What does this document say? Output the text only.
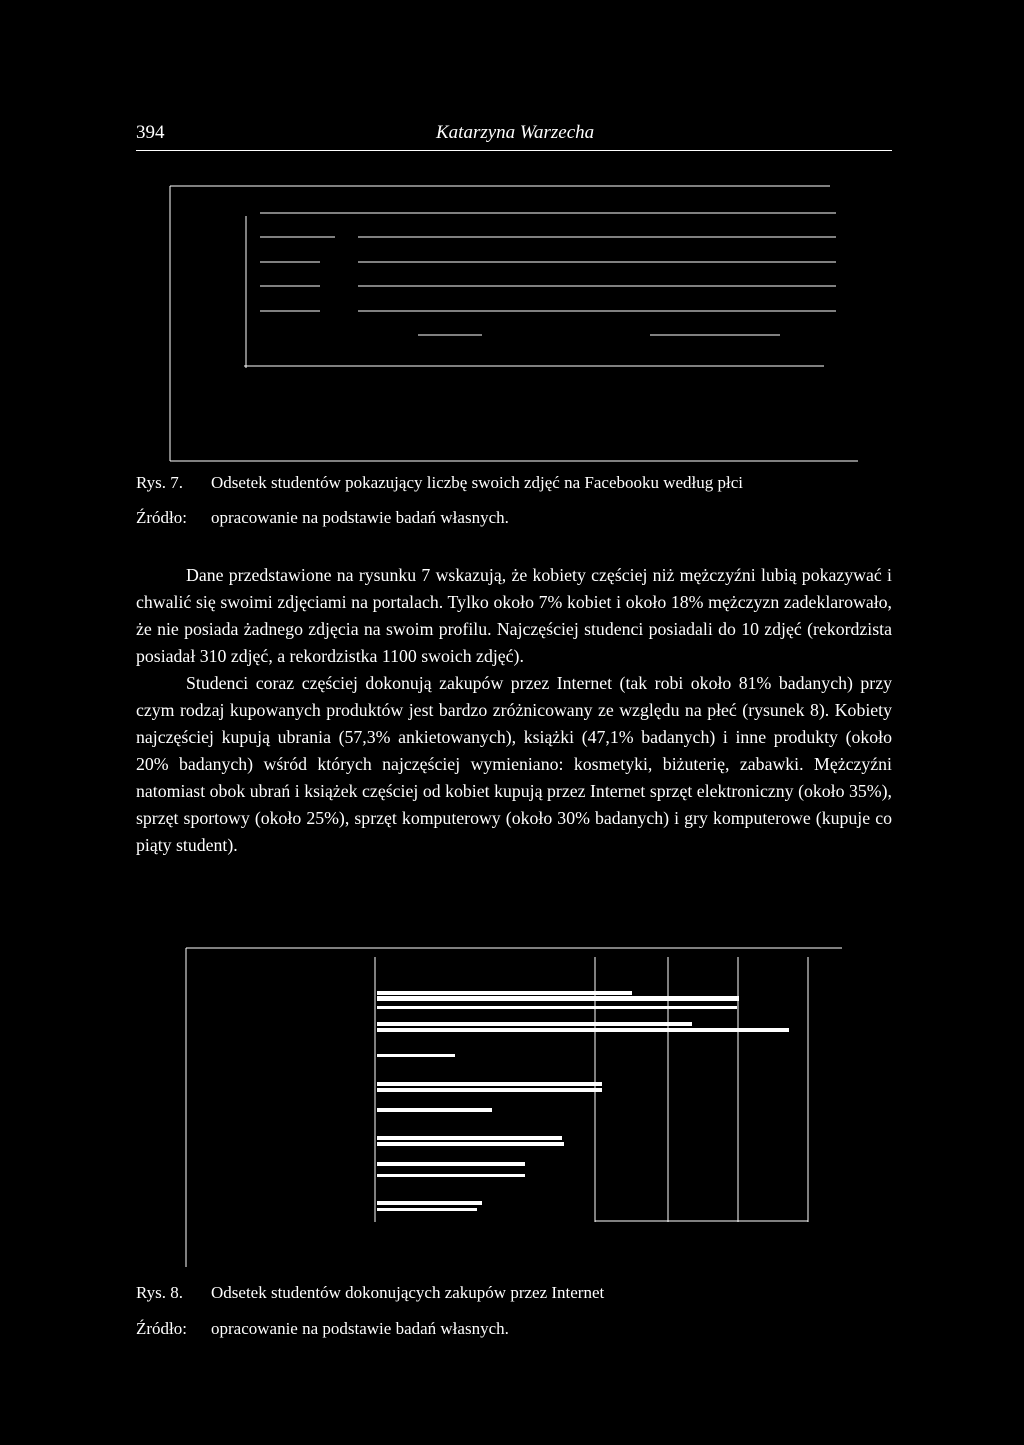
394	Katarzyna Warzecha
Rys. 7. Odsetek studentów pokazujący liczbę swoich zdjęć na Facebooku według płci
Źródło: opracowanie na podstawie badań własnych.

Dane przedstawione na rysunku 7 wskazują, że kobiety częściej niż mężczyźni lubią pokazywać i chwalić się swoimi zdjęciami na portalach. Tylko około 7% kobiet i około 18% mężczyzn zadeklarowało, że nie posiada żadnego zdjęcia na swoim profilu. Najczęściej studenci posiadali do 10 zdjęć (rekordzista posiadał 310 zdjęć, a rekordzistka 1100 swoich zdjęć).

Studenci coraz częściej dokonują zakupów przez Internet (tak robi około 81% badanych) przy czym rodzaj kupowanych produktów jest bardzo zróżnicowany ze względu na płeć (rysunek 8). Kobiety najczęściej kupują ubrania (57,3% ankietowanych), książki (47,1% badanych) i inne produkty (około 20% badanych) wśród których najczęściej wymieniano: kosmetyki, biżuterię, zabawki. Mężczyźni natomiast obok ubrań i książek częściej od kobiet kupują przez Internet sprzęt elektroniczny (około 35%), sprzęt sportowy (około 25%), sprzęt komputerowy (około 30% badanych) i gry komputerowe (kupuje co piąty student).

Rys. 8. Odsetek studentów dokonujących zakupów przez Internet
Źródło: opracowanie na podstawie badań własnych.
